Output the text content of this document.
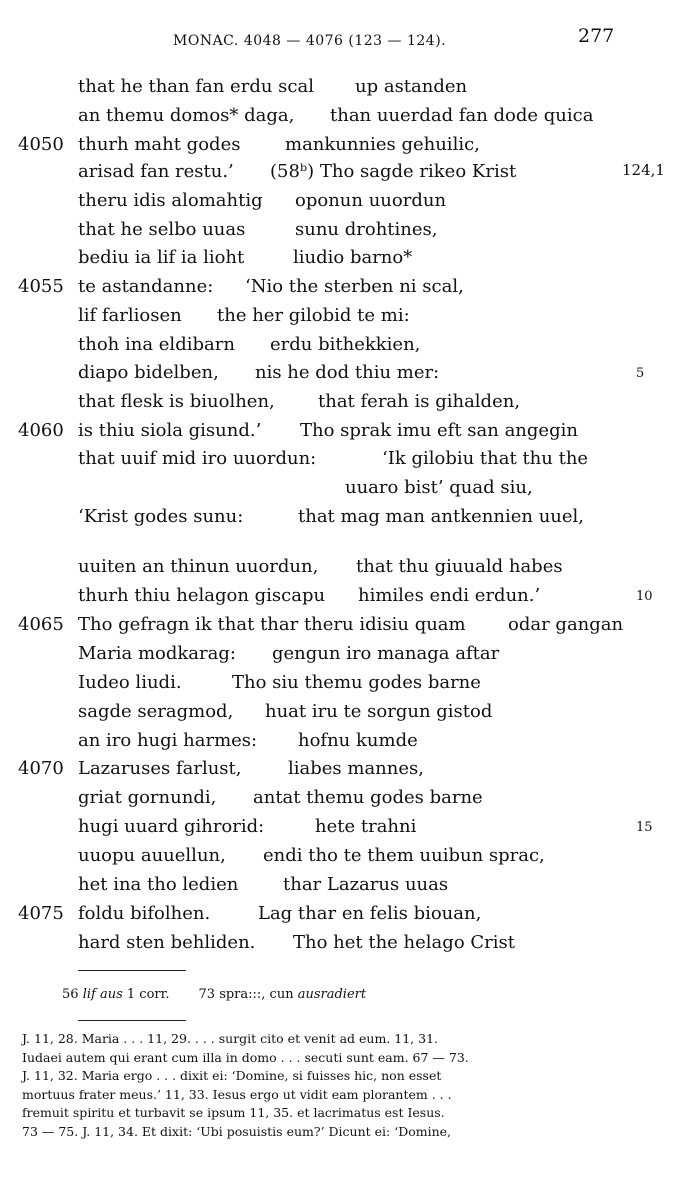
MONAC. 4048 — 4076 (123 — 124).	277
that he than fan erdu scal up astanden
an themu domos* daga, than uuerdad fan dode quica
4050 thurh maht godes mankunnies gehuilic,
arisad fan restu.’ (58ᵇ) Tho sagde rikeo Krist	124,1
theru idis alomahtig oponun uuordun
that he selbo uuas	sunu drohtines,
bediu ia lif ia lioht	liudio barno*
4055 te astandanne: ‘Nio the sterben ni scal,
lif farliosen the her gilobid te mi:
thoh ina eldibarn erdu bithekkien,
diapo bidelben, nis he dod thiu mer:	5
that flesk is biuolhen, that ferah is gihalden,
4060 is thiu siola gisund.’ Tho sprak imu eft san angegin
that uuif mid iro uuordun:	‘Ik gilobiu that thu the
uuaro bist’ quad siu,
‘Krist godes sunu:	that mag man antkennien uuel,
uuiten an thinun uuordun, that thu giuuald habes
thurh thiu helagon giscapu himiles endi erdun.’	10
4065 Tho gefragn ik that thar theru idisiu quam odar gangan
Maria modkarag: gengun iro managa aftar
Iudeo liudi.	Tho siu themu godes barne
sagde seragmod, huat iru te sorgun gistod
an iro hugi harmes: hofnu kumde
4070 Lazaruses farlust,	liabes mannes,
griat gornundi, antat themu godes barne
hugi uuard gihrorid:	hete trahni	15
uuopu auuellun, endi tho te them uuibun sprac,
het ina tho ledien thar Lazarus uuas
4075 foldu bifolhen.	Lag thar en felis biouan,
hard sten behliden. Tho het the helago Crist
56 lif aus 1 corr. 73 spra:::, cun ausradiert
J. 11, 28. Maria . . . 11, 29. . . . surgit cito et venit ad eum. 11, 31.
Iudaei autem qui erant cum illa in domo . . . secuti sunt eam. 67 — 73.
J. 11, 32. Maria ergo . . . dixit ei: ‘Domine, si fuisses hic, non esset
mortuus frater meus.’ 11, 33. Iesus ergo ut vidit eam plorantem . . .
fremuit spiritu et turbavit se ipsum 11, 35. et lacrimatus est Iesus.
73 — 75. J. 11, 34. Et dixit: ‘Ubi posuistis eum?’ Dicunt ei: ‘Domine,
